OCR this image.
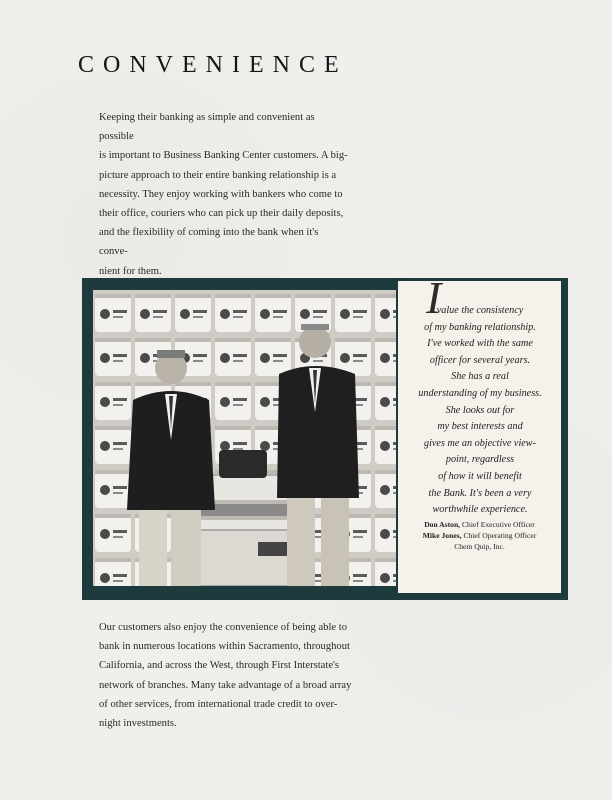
CONVENIENCE
Keeping their banking as simple and convenient as possible
is important to Business Banking Center customers. A big-
picture approach to their entire banking relationship is a
necessity. They enjoy working with bankers who come to
their office, couriers who can pick up their daily deposits,
and the flexibility of coming into the bank when it's conve-
nient for them.
I
value the consistency
of my banking relationship.
I've worked with the same
officer for several years.
She has a real
understanding of my business.
She looks out for
my best interests and
gives me an objective view-
point, regardless
of how it will benefit
the Bank. It's been a very
worthwhile experience.
Don Aston, Chief Executive Officer
Mike Jones, Chief Operating Officer
Chem Quip, Inc.
Our customers also enjoy the convenience of being able to
bank in numerous locations within Sacramento, throughout
California, and across the West, through First Interstate's
network of branches. Many take advantage of a broad array
of other services, from international trade credit to over-
night investments.
